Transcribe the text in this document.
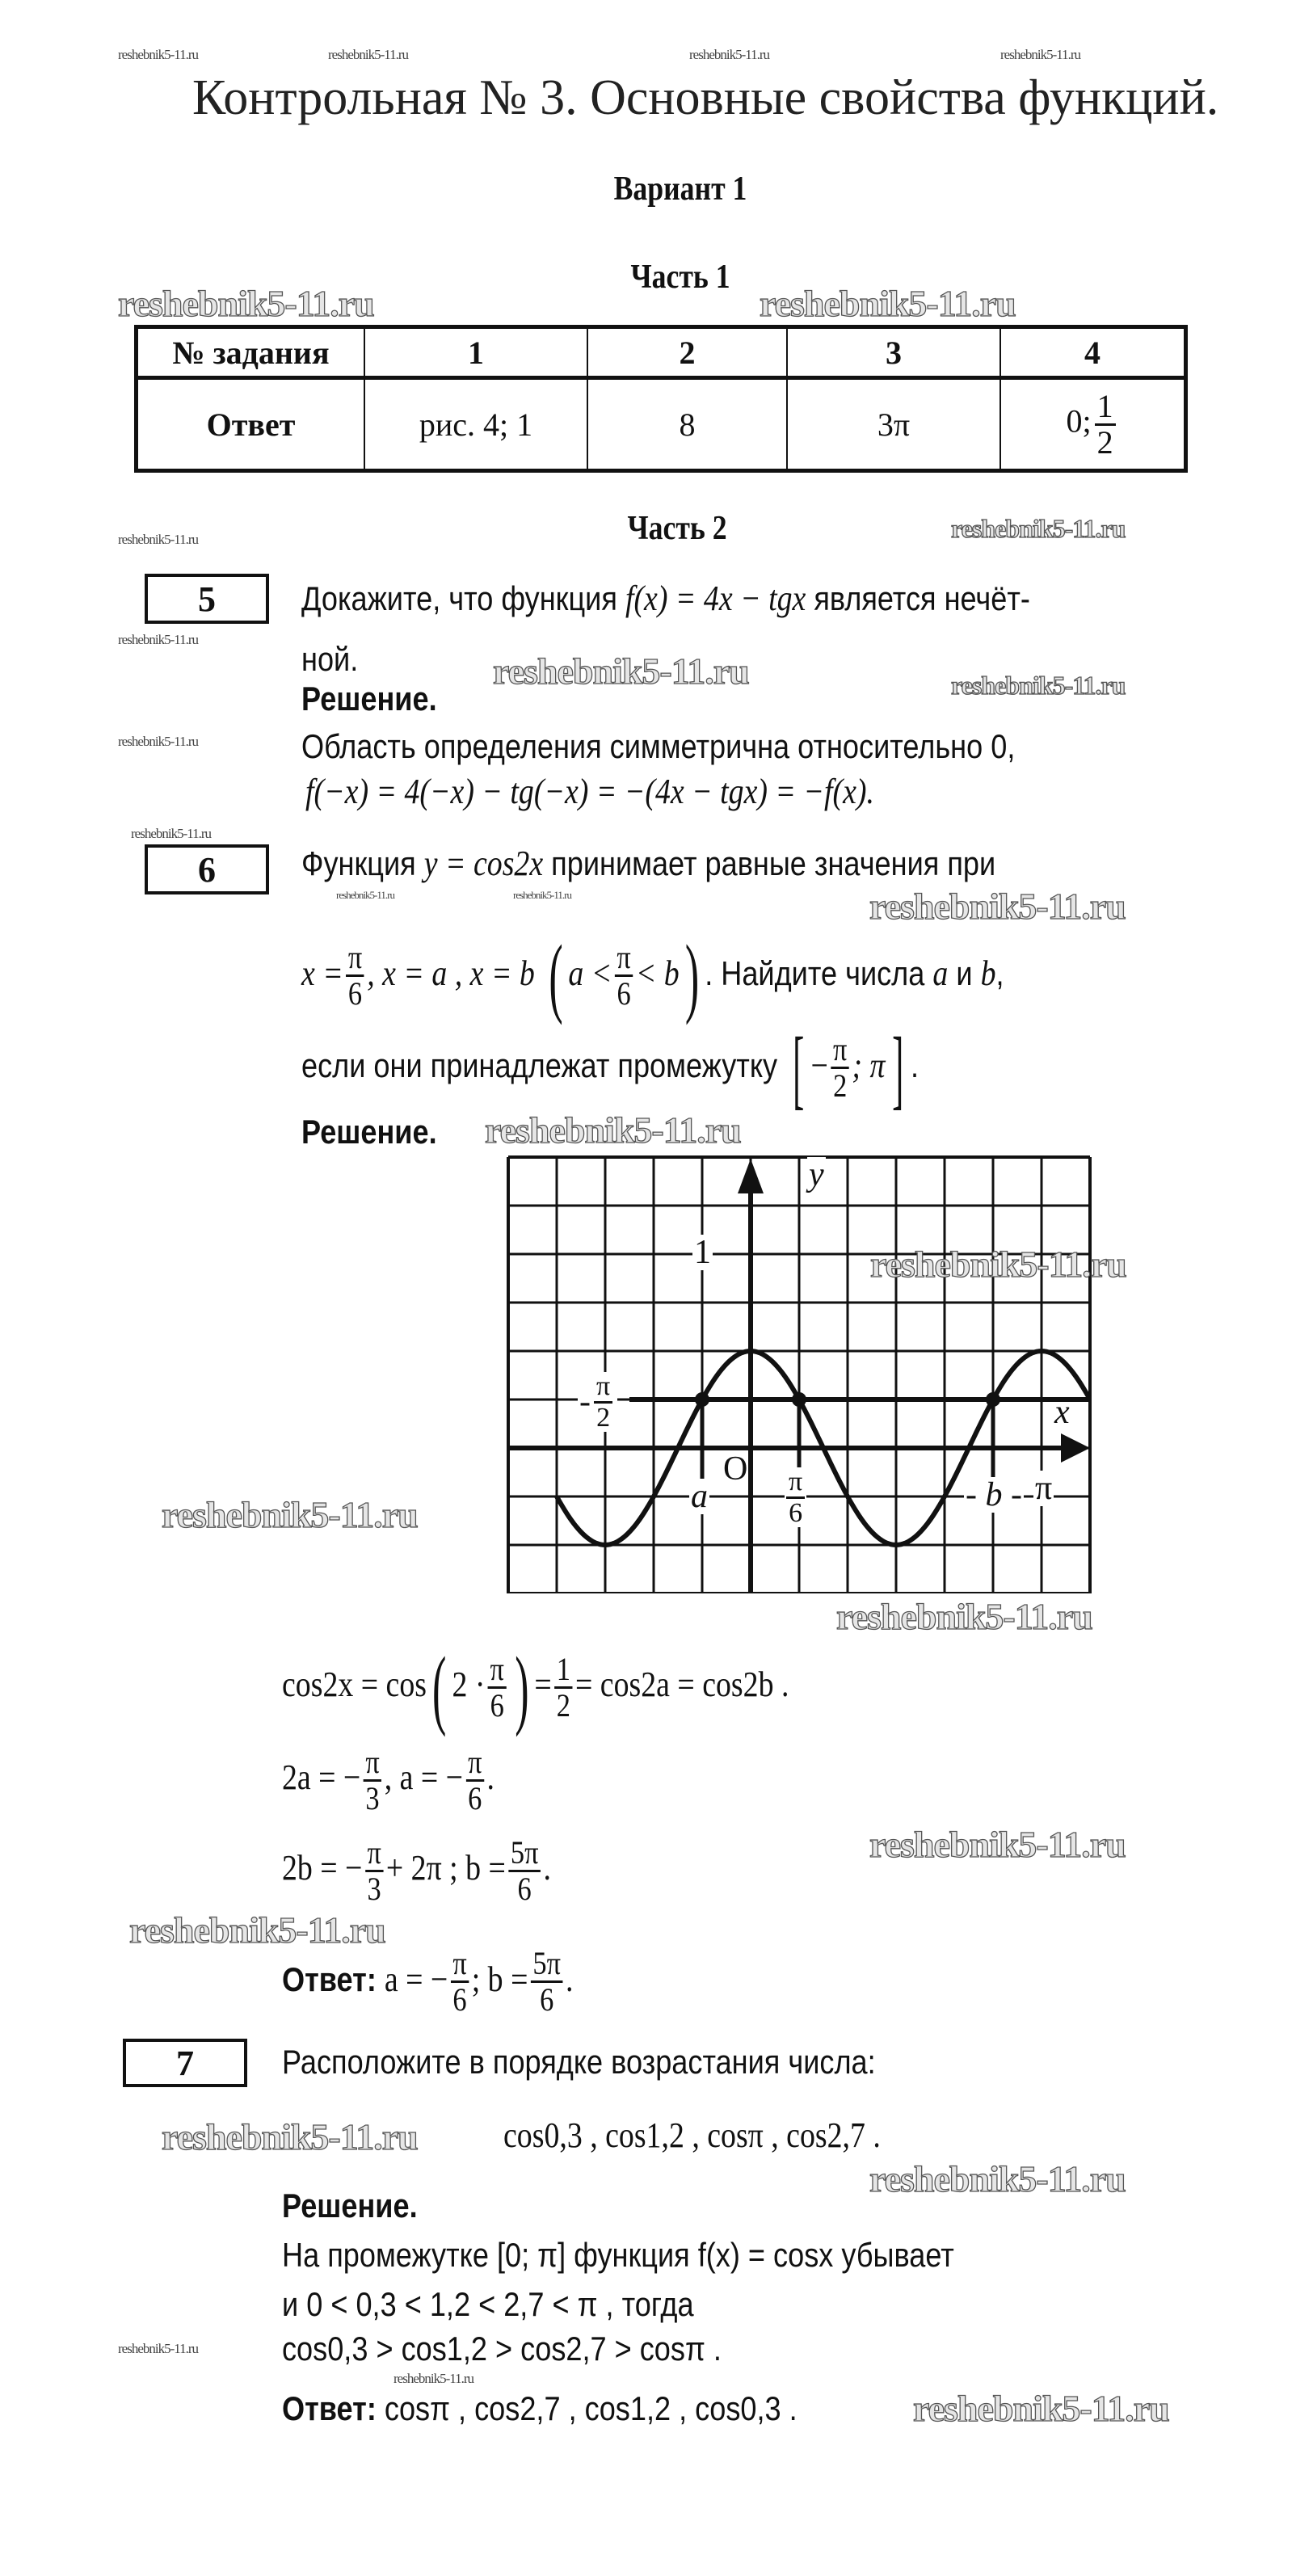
reshebnik5-11.ru	reshebnik5-11.ru	reshebnik5-11.ru	reshebnik5-11.ru
Контрольная № 3. Основные свойства функций.
Вариант 1
Часть 1
reshebnik5-11.ru	reshebnik5-11.ru
№ задания	1	2	3	4
Ответ	рис. 4; 1	8	3π	0; $\frac{1}{2}$
Часть 2
reshebnik5-11.ru	reshebnik5-11.ru
5
reshebnik5-11.ru
reshebnik5-11.ru
Докажите, что функция f(x) = 4x − tgx является нечёт-
ной.
Решение.
reshebnik5-11.ru	reshebnik5-11.ru
Область определения симметрична относительно 0,
f(−x) = 4(−x) − tg(−x) = −(4x − tgx) = −f(x).
reshebnik5-11.ru
6	Функция y = cos2x принимает равные значения при
reshebnik5-11.ru	reshebnik5-11.ru	reshebnik5-11.ru
$x = \frac{\pi}{6}$ , x = a , x = b ( $a < \frac{\pi}{6} < b$) . Найдите числа a и b,
если они принадлежат промежутку [ − $\frac{\pi}{2}$ ; π] .
reshebnik5-11.ru
Решение.
y
1
- $\frac{\pi}{2}$	x
a
O $\frac{\pi}{6}$	- b - π
reshebnik5-11.ru
reshebnik5-11.ru
reshebnik5-11.ru
cos2x = cos( $2 \cdot \frac{\pi}{6}$ ) = $\frac{1}{2} = \cos 2a = \cos 2b$ .
2a = − $\frac{\pi}{3}$ , a = − $\frac{\pi}{6}$ .
reshebnik5-11.ru
2b = − $\frac{\pi}{3} + 2\pi$ ; $b = \frac{5\pi}{6}$ .
reshebnik5-11.ru
Ответ: a = − $\frac{\pi}{6}$ ; $b = \frac{5\pi}{6}$ .
7	Расположите в порядке возрастания числа:
reshebnik5-11.ru cos0,3 , cos1,2 , cosπ , cos2,7 .
reshebnik5-11.ru
Решение.
На промежутке [0; π] функция f(x) = cosx убывает
и 0 < 0,3 < 1,2 < 2,7 < π , тогда
reshebnik5-11.ru cos0,3 > cos1,2 > cos2,7 > cosπ .
reshebnik5-11.ru
Ответ: cosπ , cos2,7 , cos1,2 , cos0,3 .	reshebnik5-11.ru
